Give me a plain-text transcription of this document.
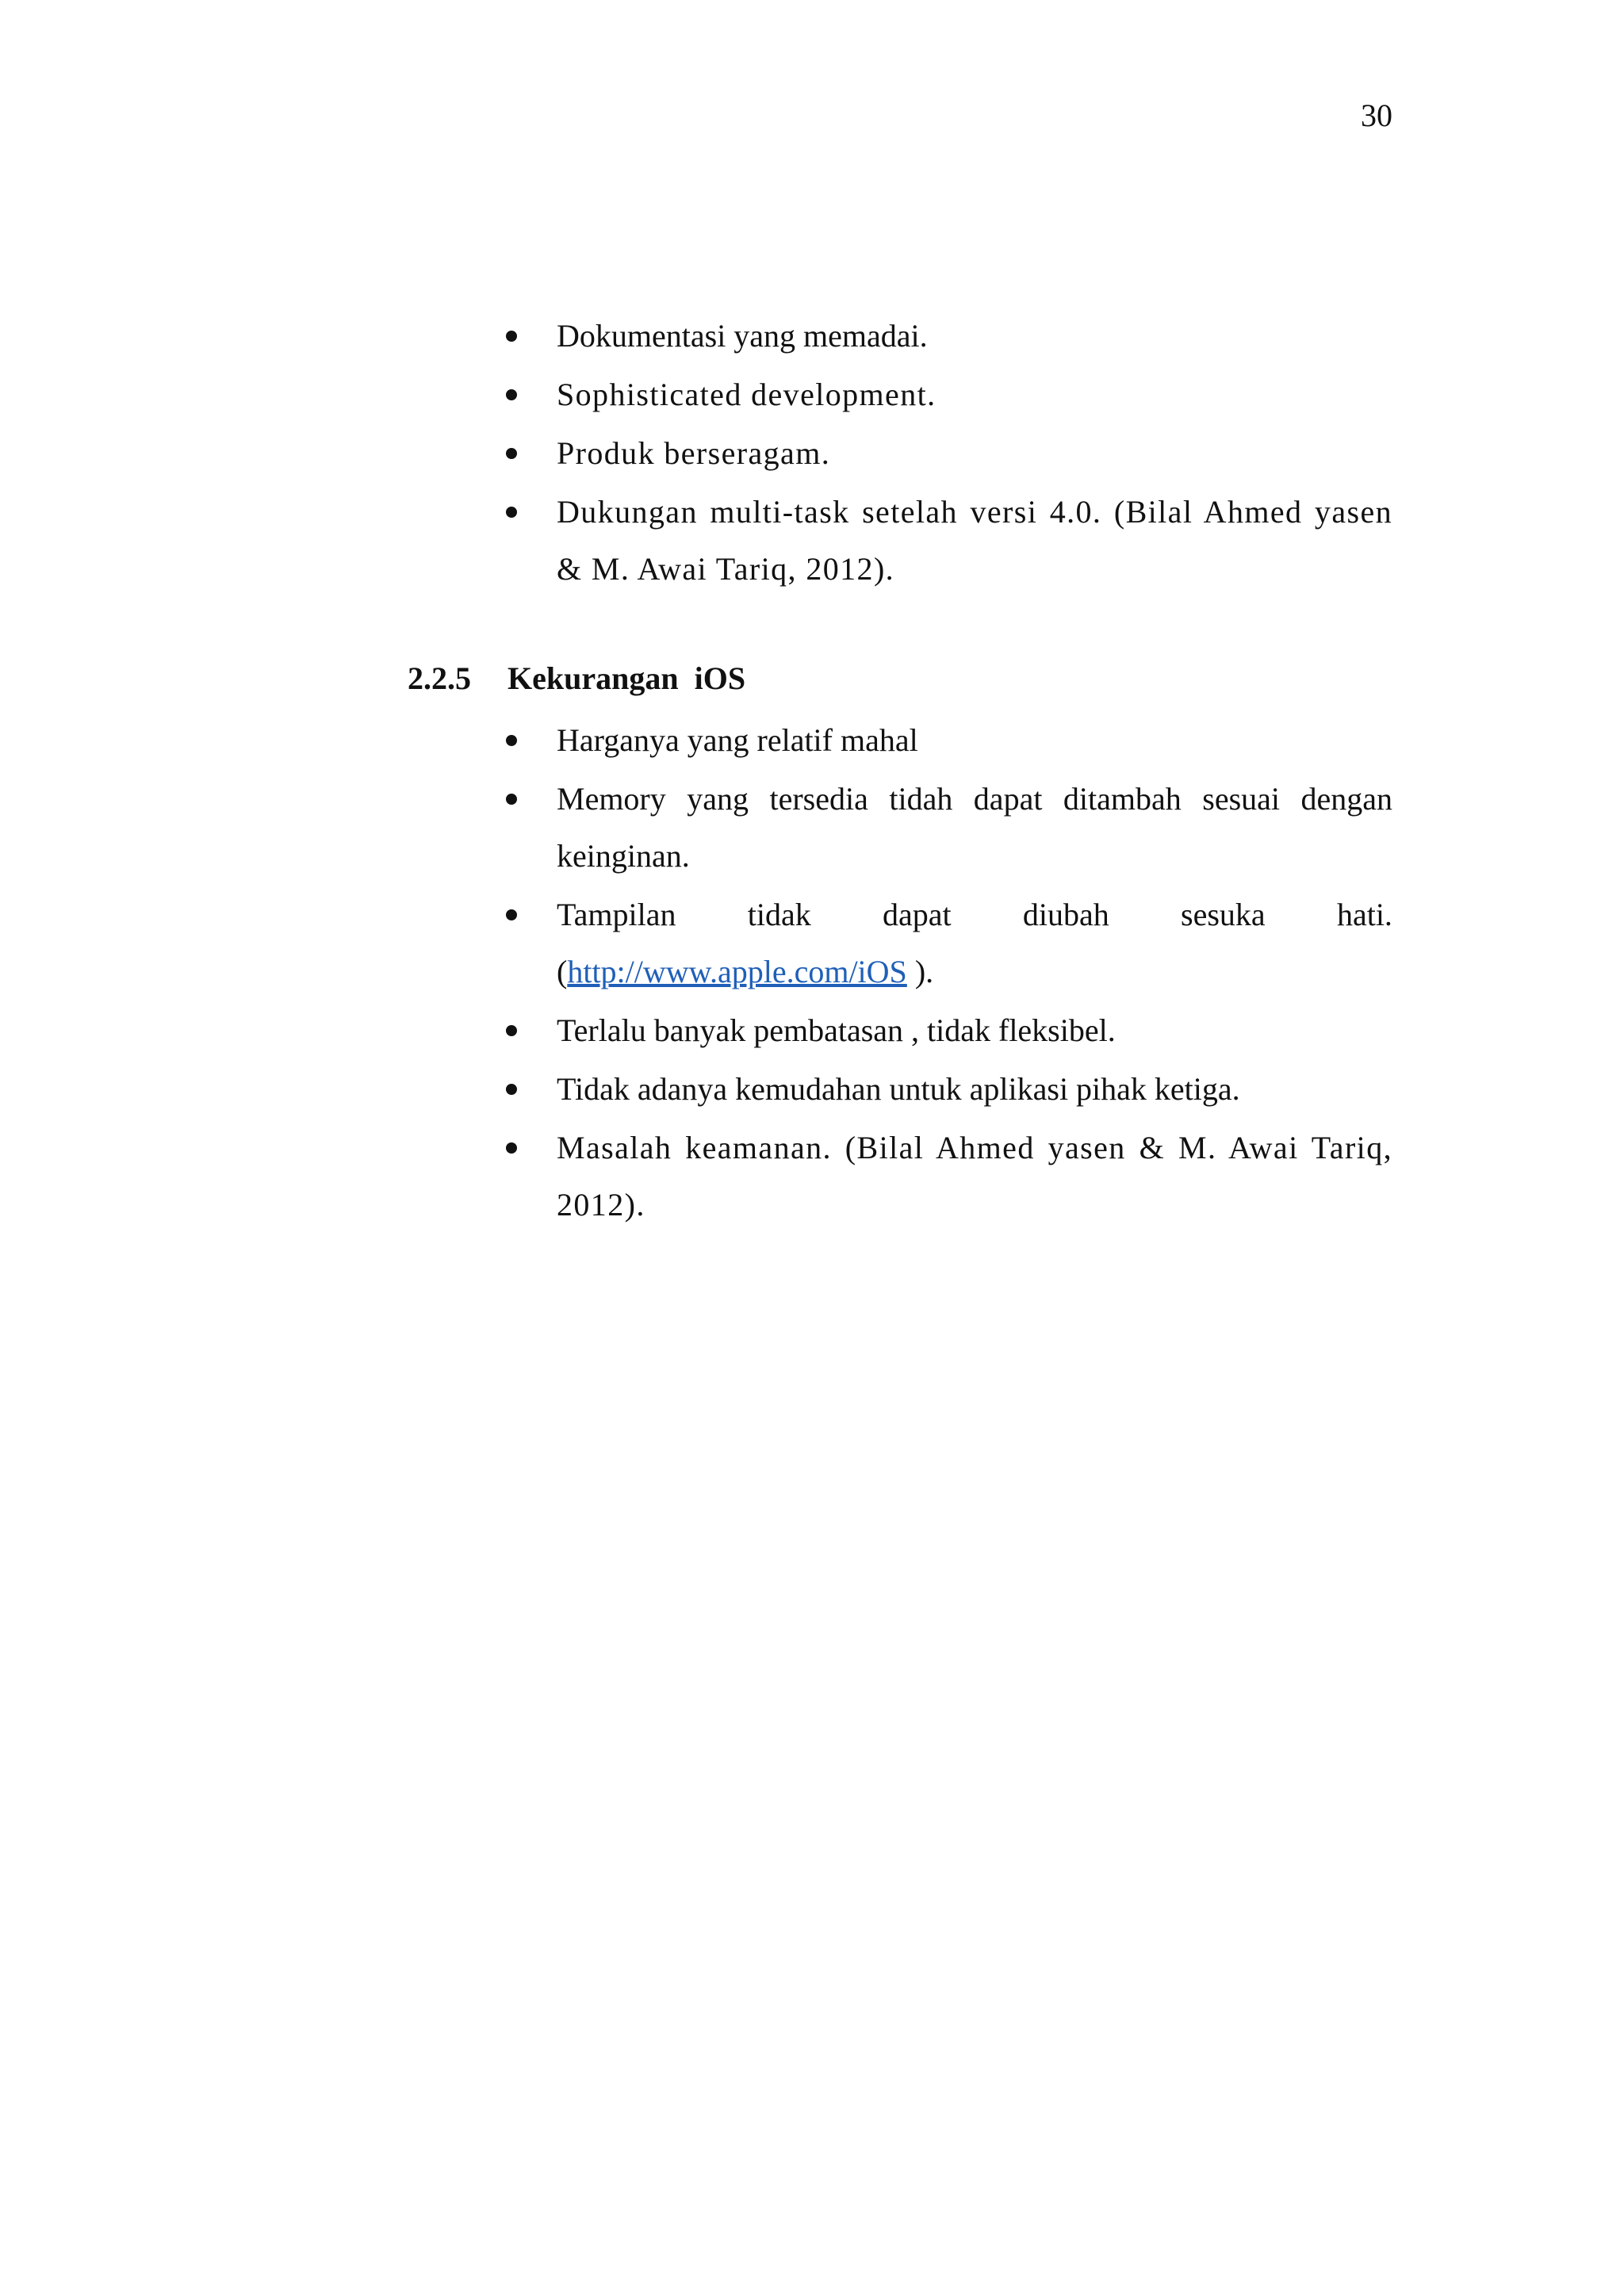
30
Dokumentasi yang memadai.
Sophisticated development.
Produk berseragam.
Dukungan multi-task setelah versi 4.0. (Bilal Ahmed yasen & M. Awai Tariq, 2012).
2.2.5 Kekurangan  iOS
Harganya yang relatif mahal
Memory yang tersedia tidah dapat ditambah sesuai dengan keinginan.
Tampilan tidak dapat diubah sesuka hati.
(http://www.apple.com/iOS ).
Terlalu banyak pembatasan , tidak fleksibel.
Tidak adanya kemudahan untuk aplikasi pihak ketiga.
Masalah keamanan. (Bilal Ahmed yasen & M. Awai Tariq, 2012).
